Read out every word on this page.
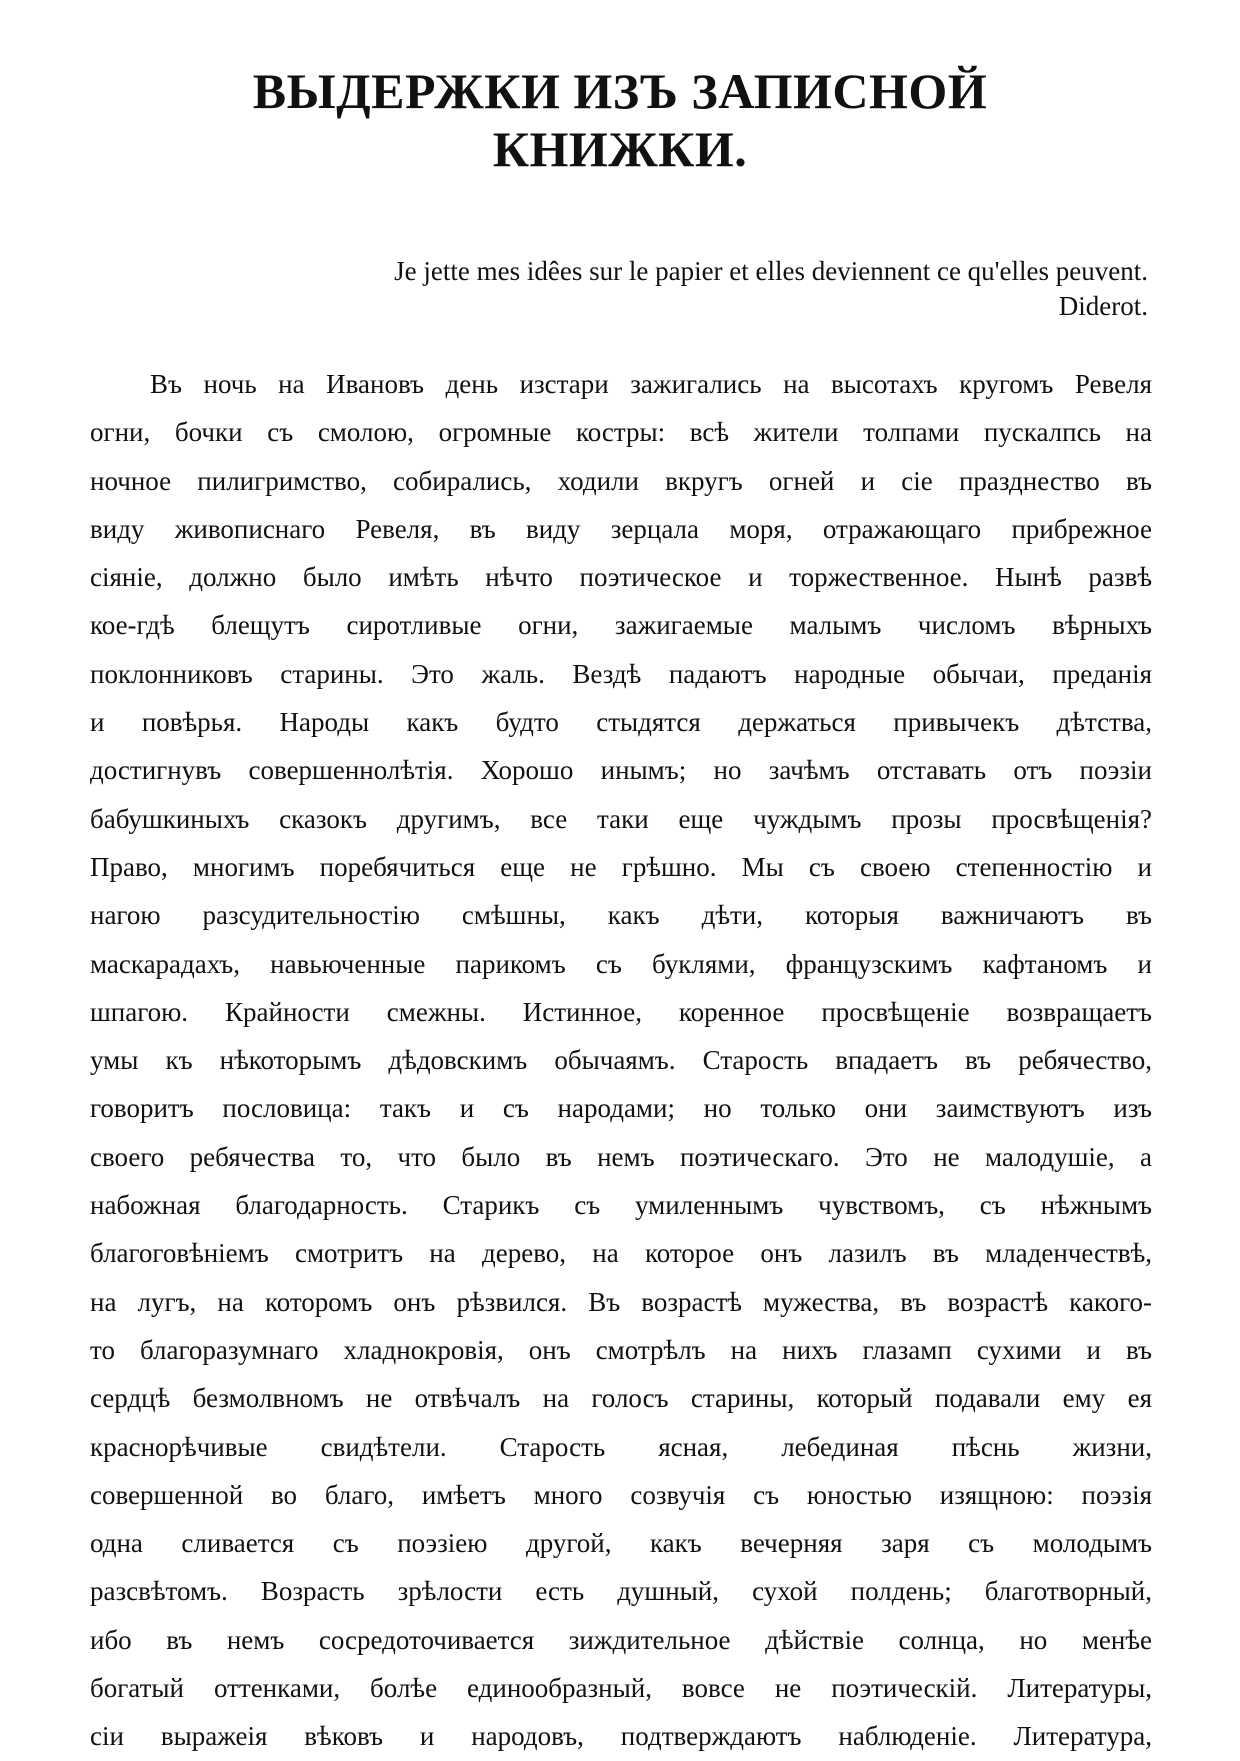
ВЫДЕРЖКИ ИЗЪ ЗАПИСНОЙ
КНИЖКИ.
Je jette mes idêes sur le papier et elles deviennent ce qu'elles peuvent.
Diderot.
Въ ночь на Ивановъ день изстари зажигались на высотахъ кругомъ Ревеля
огни, бочки съ смолою, огромные костры: всѣ жители толпами пускалпсь на
ночное пилигримство, собирались, ходили вкругъ огней и сіе празднество въ
виду живописнаго Ревеля, въ виду зерцала моря, отражающаго прибрежное
сіяніе, должно было имѣть нѣчто поэтическое и торжественное. Нынѣ развѣ
кое-гдѣ блещутъ сиротливые огни, зажигаемые малымъ числомъ вѣрныхъ
поклонниковъ старины. Это жаль. Вездѣ падаютъ народные обычаи, преданія
и повѣрья. Народы какъ будто стыдятся держаться привычекъ дѣтства,
достигнувъ совершеннолѣтія. Хорошо инымъ; но зачѣмъ отставать отъ поэзіи
бабушкиныхъ сказокъ другимъ, все таки еще чуждымъ прозы просвѣщенія?
Право, многимъ поребячиться еще не грѣшно. Мы съ своею степенностію и
нагою разсудительностію смѣшны, какъ дѣти, которыя важничаютъ въ
маскарадахъ, навьюченные парикомъ съ буклями, французскимъ кафтаномъ и
шпагою. Крайности смежны. Истинное, коренное просвѣщеніе возвращаетъ
умы къ нѣкоторымъ дѣдовскимъ обычаямъ. Старость впадаетъ въ ребячество,
говоритъ пословица: такъ и съ народами; но только они заимствуютъ изъ
своего ребячества то, что было въ немъ поэтическаго. Это не малодушіе, а
набожная благодарность. Старикъ съ умиленнымъ чувствомъ, съ нѣжнымъ
благоговѣніемъ смотритъ на дерево, на которое онъ лазилъ въ младенчествѣ,
на лугъ, на которомъ онъ рѣзвился. Въ возрастѣ мужества, въ возрастѣ какого-
то благоразумнаго хладнокровія, онъ смотрѣлъ на нихъ глазамп сухими и въ
сердцѣ безмолвномъ не отвѣчалъ на голосъ старины, который подавали ему ея
краснорѣчивые свидѣтели. Старость ясная, лебединая пѣснь жизни,
совершенной во благо, имѣетъ много созвучія съ юностью изящною: поэзія
одна сливается съ поэзіею другой, какъ вечерняя заря съ молодымъ
разсвѣтомъ. Возрасть зрѣлости есть душный, сухой полдень; благотворный,
ибо въ немъ сосредоточивается зиждительное дѣйствіе солнца, но менѣе
богатый оттенками, болѣе единообразный, вовсе не поэтическій. Литературы,
сіи выражеія вѣковъ и народовъ, подтверждаютъ наблюденіе. Литература,
